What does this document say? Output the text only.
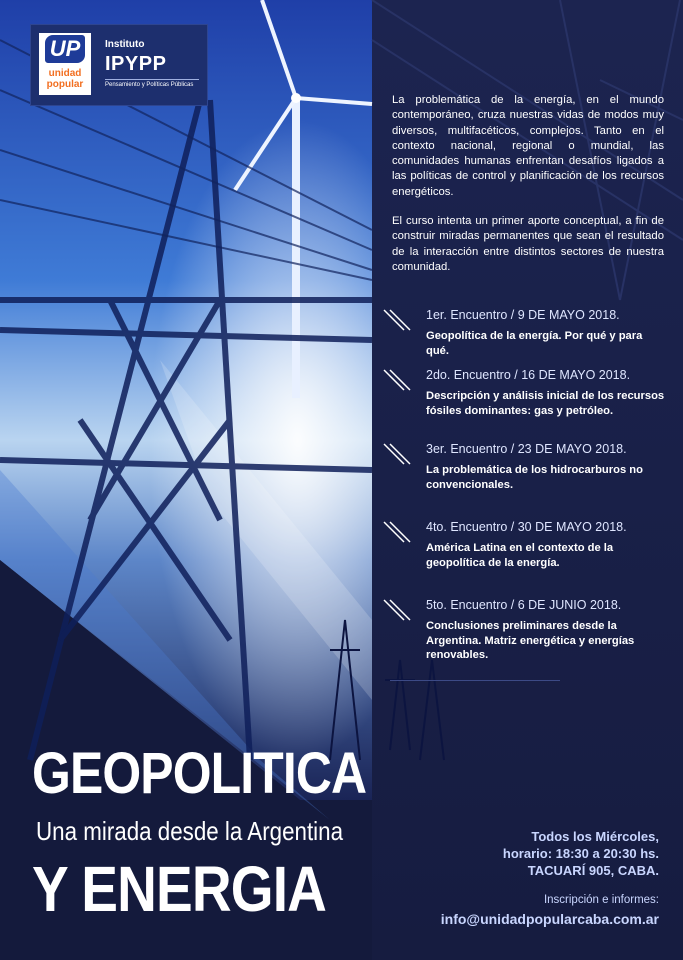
UP
unidad
popular
Instituto
IPYPP
Pensamiento y Políticas Públicas

La problemática de la energía, en el mundo contemporáneo, cruza nuestras vidas de modos muy diversos, multifacéticos, complejos. Tanto en el contexto nacional, regional o mundial, las comunidades humanas enfrentan desafíos ligados a las políticas de control y planificación de los recursos energéticos.

El curso intenta un primer aporte conceptual, a fin de construir miradas permanentes que sean el resultado de la interacción entre distintos sectores de nuestra comunidad.

1er. Encuentro / 9 DE MAYO 2018.
Geopolítica de la energía. Por qué y para qué.
2do. Encuentro / 16 DE MAYO 2018.
Descripción y análisis inicial de los recursos fósiles dominantes: gas y petróleo.
3er. Encuentro / 23 DE MAYO 2018.
La problemática de los hidrocarburos no convencionales.
4to. Encuentro / 30 DE MAYO 2018.
América Latina en el contexto de la geopolítica de la energía.
5to. Encuentro / 6 DE JUNIO 2018.
Conclusiones preliminares desde la Argentina. Matriz energética y energías renovables.
GEOPOLITICA
Una mirada desde la Argentina
Y ENERGIA
Todos los Miércoles,
horario: 18:30 a 20:30 hs.
TACUARÍ 905, CABA.
Inscripción e informes:
info@unidadpopularcaba.com.ar
